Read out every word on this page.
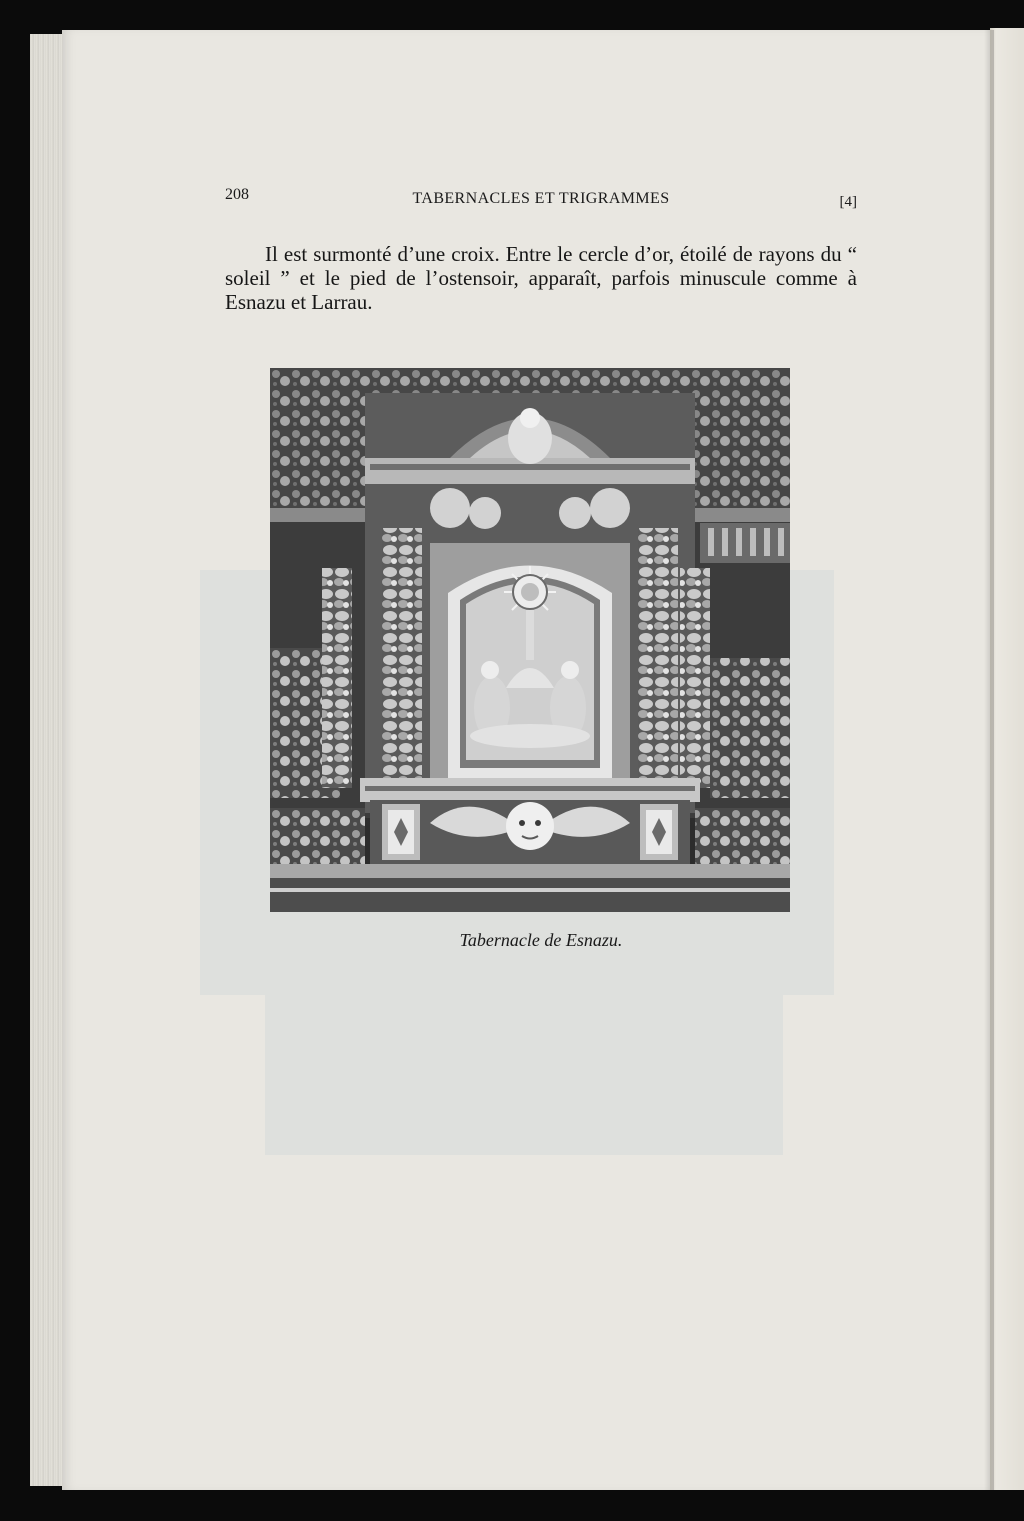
208	TABERNACLES ET TRIGRAMMES	[4]

Il est surmonté d’une croix. Entre le cercle d’or, étoilé de rayons du “ soleil ” et le pied de l’ostensoir, apparaît, parfois minuscule comme à Esnazu et Larrau.

Tabernacle de Esnazu.
